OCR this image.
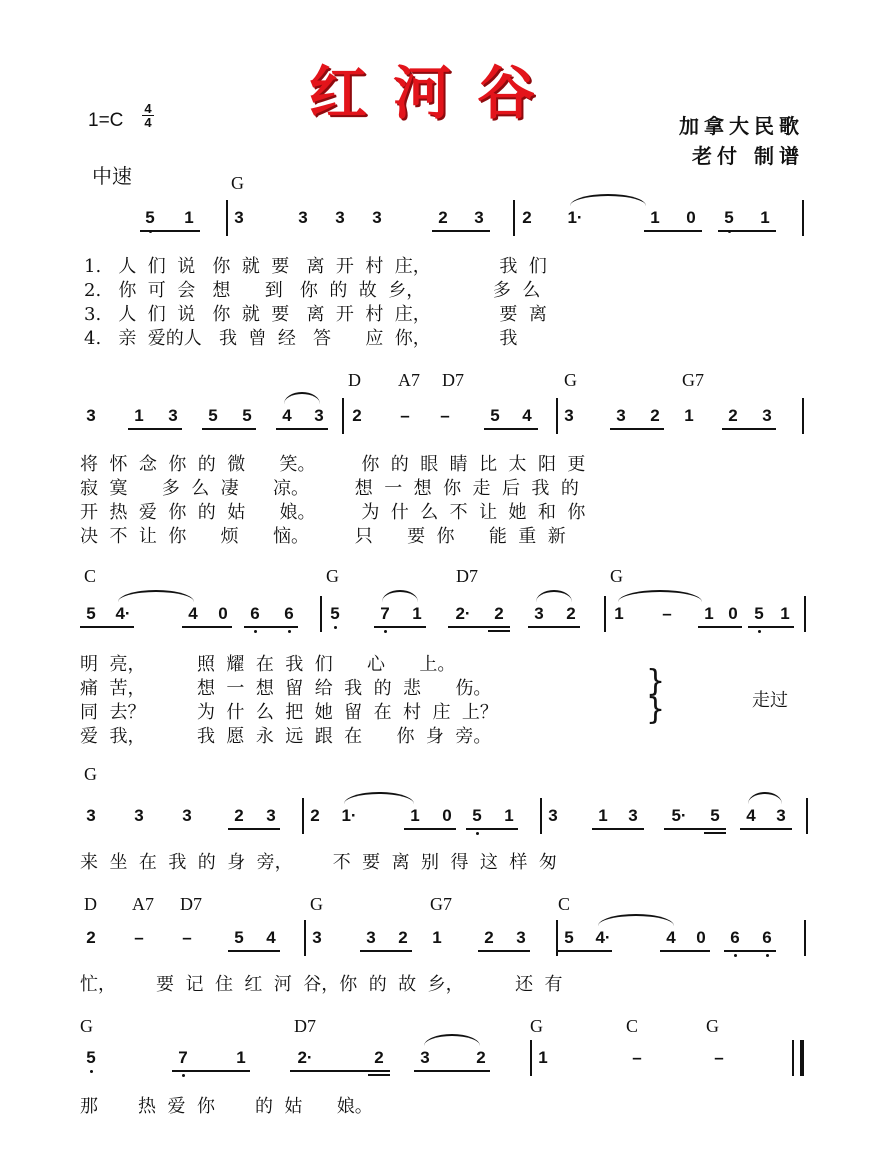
红河谷
$1=C \frac{4}{4}$	加拿大民歌
老付 制谱
中速	G
5 1 3	3 3 3	2 3 2 1·	1 0 5 1
1.   人  们  说   你  就  要   离  开  村  庄，            我  们
2.   你  可  会   想      到   你  的  故  乡，            多  么
3.   人  们  说   你  就  要   离  开  村  庄，            要  离
4.   亲  爱的人   我  曾  经   答      应  你，            我
D A7 D7	G	G7
3 1 3 5 5 4 3 2 – – 5 4 3	3 2 1 2 3
将  怀  念  你  的  微      笑。        你  的  眼  睛  比  太  阳  更
寂  寞      多  么  凄      凉。        想  一  想  你  走  后  我  的
开  热  爱  你  的  姑      娘。        为  什  么  不  让  她  和  你
决  不  让  你      烦      恼。        只      要  你      能  重  新
C	G	D7	G
5 4·	4 0 6 6 5 7 1 2· 2 3 2 1 – 1 0 5 1
明  亮，         照  耀  在  我  们      心      上。
痛  苦，         想  一  想  留  给  我  的  悲      伤。
同  去？         为  什  么  把  她  留  在  村  庄  上？
爱  我，         我  愿  永  远  跟  在      你  身  旁。
}
}	走过
G
3 3 3	2 3 2 1·	1 0 5 1 3 1 3 5· 5 4 3
来  坐  在  我  的  身  旁，       不  要  离  别  得  这  样  匆
D A7 D7	G	G7	C
2 – –	5 4 3	3 2 1	2 3 5 4·	4 0 6 6
忙，       要  记  住  红  河  谷，你  的  故  乡，         还  有
G	D7	G	C	G
5	7	1	2·	2 3	2	1	–	–
那       热  爱  你       的  姑      娘。
